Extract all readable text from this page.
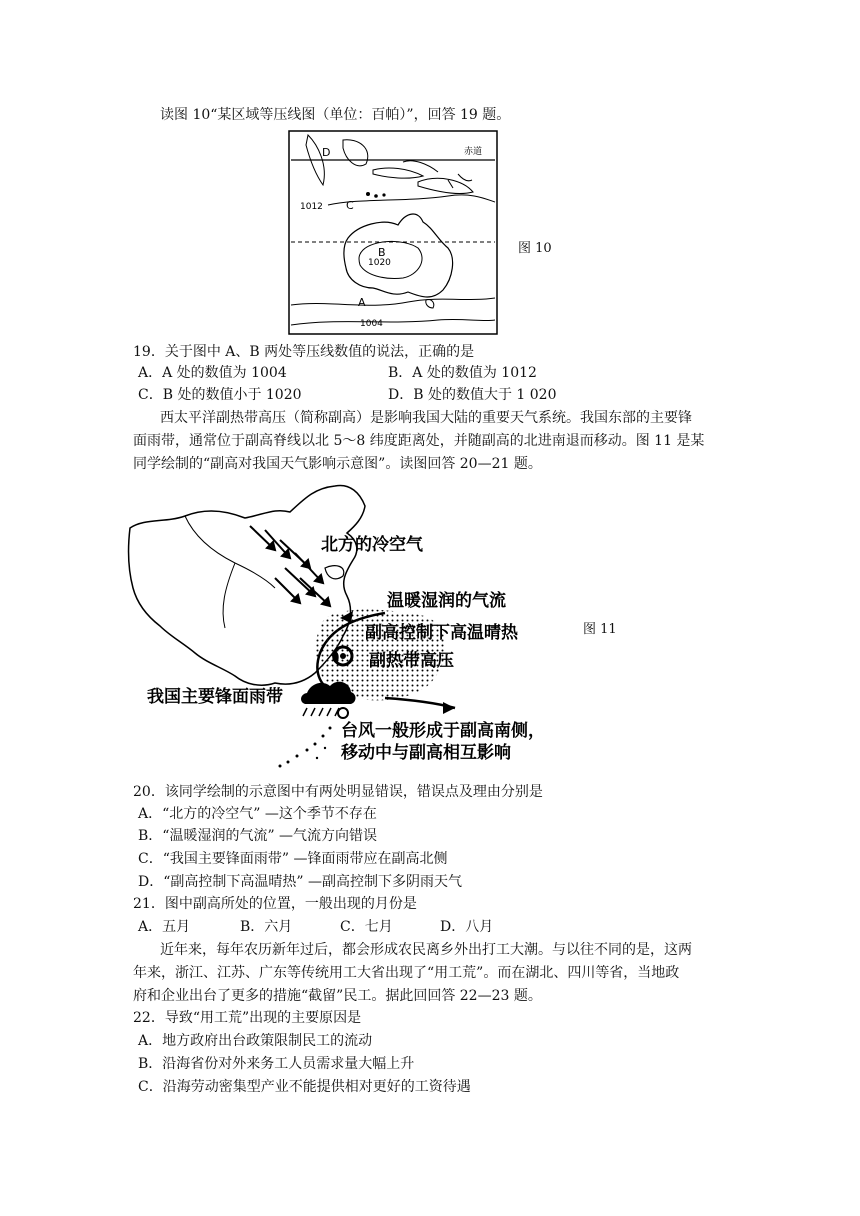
读图 10“某区域等压线图（单位：百帕）”，回答 19 题。
赤道
D
1012 C
B
1020
A
1004
图 10
19．关于图中 A、B 两处等压线数值的说法，正确的是
A．A 处的数值为 1004	B．A 处的数值为 1012
C．B 处的数值小于 1020	D．B 处的数值大于 1 020
西太平洋副热带高压（简称副高）是影响我国大陆的重要天气系统。我国东部的主要锋
面雨带，通常位于副高脊线以北 5～8 纬度距离处，并随副高的北进南退而移动。图 11 是某
同学绘制的“副高对我国天气影响示意图”。读图回答 20—21 题。
北方的冷空气
温暖湿润的气流
副高控制下高温晴热
副热带高压
我国主要锋面雨带
台风一般形成于副高南侧，
移动中与副高相互影响
图 11
20．该同学绘制的示意图中有两处明显错误，错误点及理由分别是
A．“北方的冷空气” —这个季节不存在
B．“温暖湿润的气流” —气流方向错误
C．“我国主要锋面雨带” —锋面雨带应在副高北侧
D．“副高控制下高温晴热” —副高控制下多阴雨天气
21．图中副高所处的位置，一般出现的月份是
A．五月	B．六月	C．七月	D．八月
近年来，每年农历新年过后，都会形成农民离乡外出打工大潮。与以往不同的是，这两
年来，浙江、江苏、广东等传统用工大省出现了“用工荒”。而在湖北、四川等省，当地政
府和企业出台了更多的措施“截留”民工。据此回回答 22—23 题。
22．导致“用工荒”出现的主要原因是
A．地方政府出台政策限制民工的流动
B．沿海省份对外来务工人员需求量大幅上升
C．沿海劳动密集型产业不能提供相对更好的工资待遇
